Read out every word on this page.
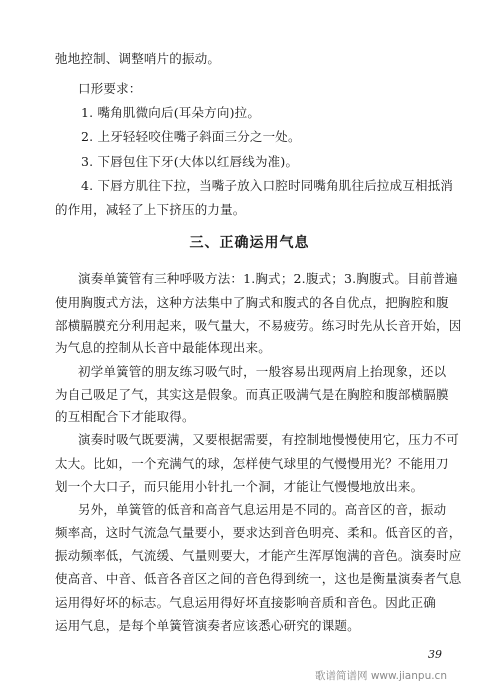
弛地控制、调整哨片的振动。
口形要求：
1. 嘴角肌微向后(耳朵方向)拉。
2. 上牙轻轻咬住嘴子斜面三分之一处。
3. 下唇包住下牙(大体以红唇线为准)。
4. 下唇方肌往下拉，当嘴子放入口腔时同嘴角肌往后拉成互相抵消
的作用，减轻了上下挤压的力量。
三、正确运用气息
演奏单簧管有三种呼吸方法：1.胸式；2.腹式；3.胸腹式。目前普遍
使用胸腹式方法，这种方法集中了胸式和腹式的各自优点，把胸腔和腹
部横膈膜充分利用起来，吸气量大，不易疲劳。练习时先从长音开始，因
为气息的控制从长音中最能体现出来。
初学单簧管的朋友练习吸气时，一般容易出现两肩上抬现象，还以
为自己吸足了气，其实这是假象。而真正吸满气是在胸腔和腹部横膈膜
的互相配合下才能取得。
演奏时吸气既要满，又要根据需要，有控制地慢慢使用它，压力不可
太大。比如，一个充满气的球，怎样使气球里的气慢慢用光？不能用刀
划一个大口子，而只能用小针扎一个洞，才能让气慢慢地放出来。
另外，单簧管的低音和高音气息运用是不同的。高音区的音，振动
频率高，这时气流急气量要小，要求达到音色明亮、柔和。低音区的音，
振动频率低，气流缓、气量则要大，才能产生浑厚饱满的音色。演奏时应
使高音、中音、低音各音区之间的音色得到统一，这也是衡量演奏者气息
运用得好坏的标志。气息运用得好坏直接影响音质和音色。因此正确
运用气息，是每个单簧管演奏者应该悉心研究的课题。
39
歌谱简谱网 www.jianpu.cn
